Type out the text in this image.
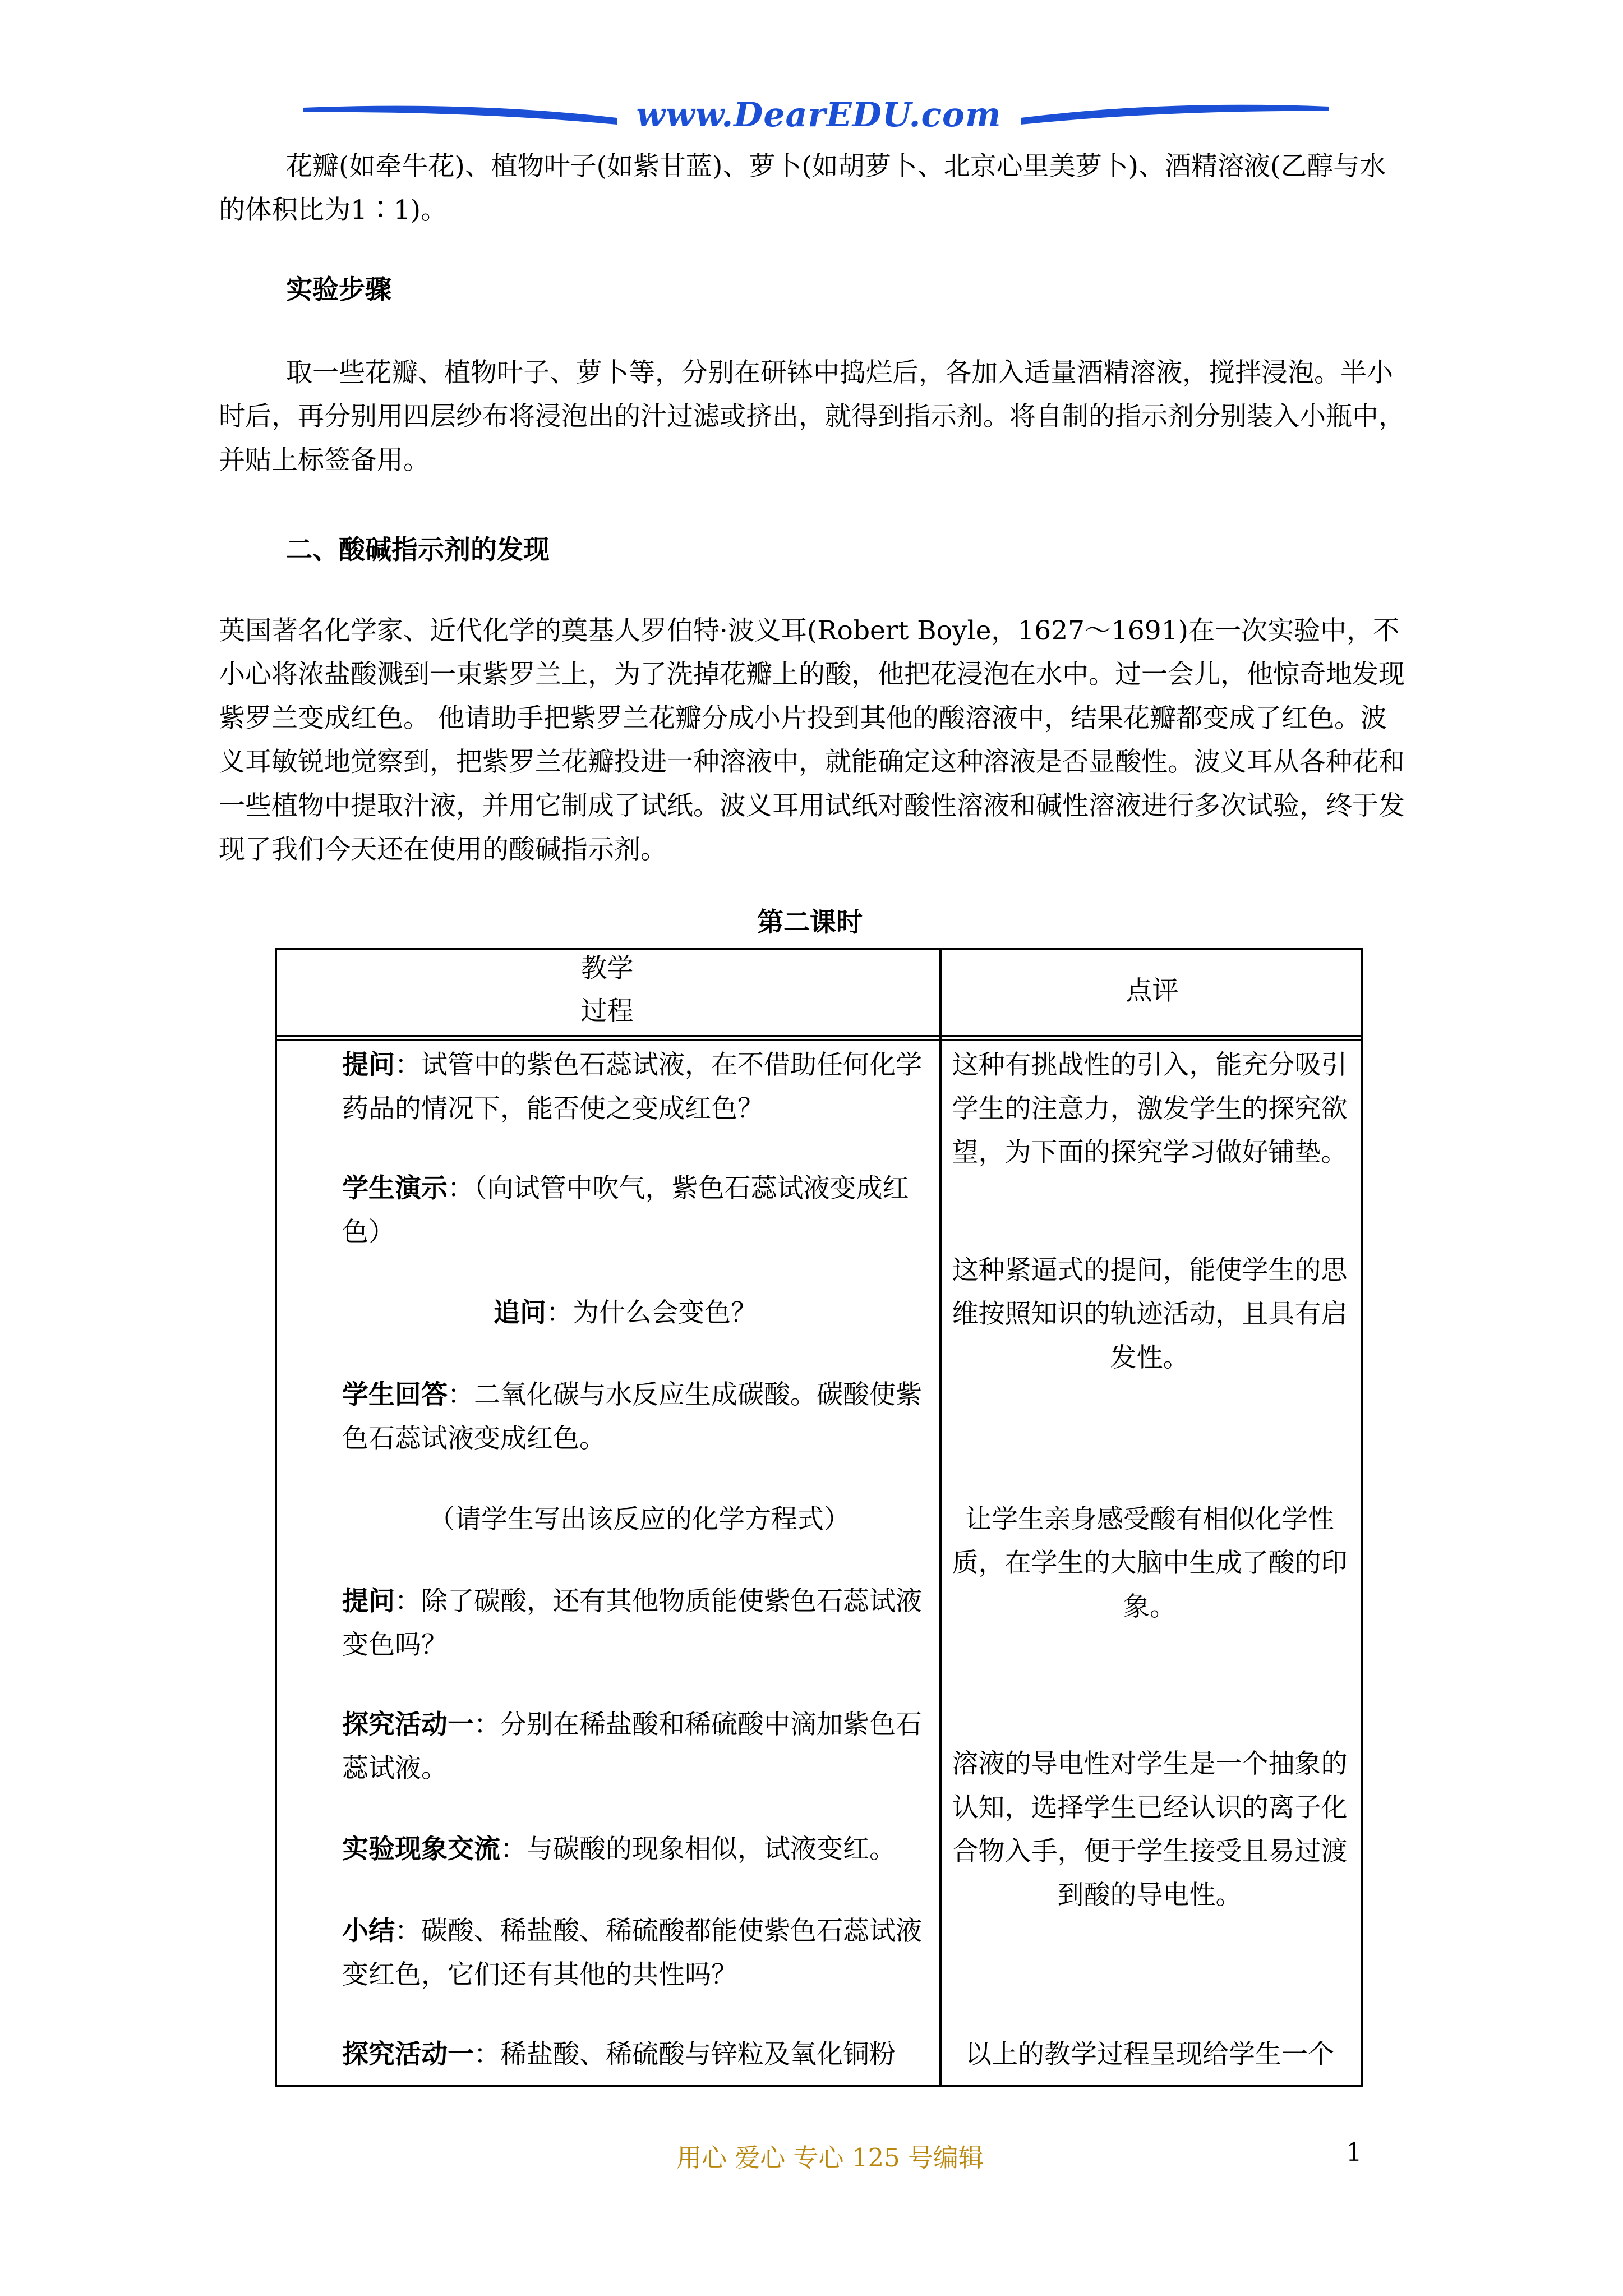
www.DearEDU.com
花瓣(如牵牛花)、植物叶子(如紫甘蓝)、萝卜(如胡萝卜、北京心里美萝卜)、酒精溶液(乙醇与水的体积比为1∶1)。
实验步骤
取一些花瓣、植物叶子、萝卜等，分别在研钵中捣烂后，各加入适量酒精溶液，搅拌浸泡。半小时后，再分别用四层纱布将浸泡出的汁过滤或挤出，就得到指示剂。将自制的指示剂分别装入小瓶中，并贴上标签备用。
二、酸碱指示剂的发现
英国著名化学家、近代化学的奠基人罗伯特·波义耳(Robert Boyle，1627～1691)在一次实验中，不小心将浓盐酸溅到一束紫罗兰上，为了洗掉花瓣上的酸，他把花浸泡在水中。过一会儿，他惊奇地发现紫罗兰变成红色。 他请助手把紫罗兰花瓣分成小片投到其他的酸溶液中，结果花瓣都变成了红色。波义耳敏锐地觉察到，把紫罗兰花瓣投进一种溶液中，就能确定这种溶液是否显酸性。波义耳从各种花和一些植物中提取汁液，并用它制成了试纸。波义耳用试纸对酸性溶液和碱性溶液进行多次试验，终于发现了我们今天还在使用的酸碱指示剂。
第二课时
教学
过程
点评
提问：试管中的紫色石蕊试液，在不借助任何化学药品的情况下，能否使之变成红色？
学生演示：（向试管中吹气，紫色石蕊试液变成红色）
追问：为什么会变色？
学生回答：二氧化碳与水反应生成碳酸。碳酸使紫色石蕊试液变成红色。
（请学生写出该反应的化学方程式）
提问：除了碳酸，还有其他物质能使紫色石蕊试液变色吗？
探究活动一：分别在稀盐酸和稀硫酸中滴加紫色石蕊试液。
实验现象交流：与碳酸的现象相似，试液变红。
小结：碳酸、稀盐酸、稀硫酸都能使紫色石蕊试液变红色，它们还有其他的共性吗？
探究活动一：稀盐酸、稀硫酸与锌粒及氧化铜粉
这种有挑战性的引入，能充分吸引学生的注意力，激发学生的探究欲望，为下面的探究学习做好铺垫。
这种紧逼式的提问，能使学生的思维按照知识的轨迹活动，且具有启发性。
让学生亲身感受酸有相似化学性质，在学生的大脑中生成了酸的印象。
溶液的导电性对学生是一个抽象的认知，选择学生已经认识的离子化合物入手，便于学生接受且易过渡到酸的导电性。
以上的教学过程呈现给学生一个
用心 爱心 专心 125 号编辑	1
